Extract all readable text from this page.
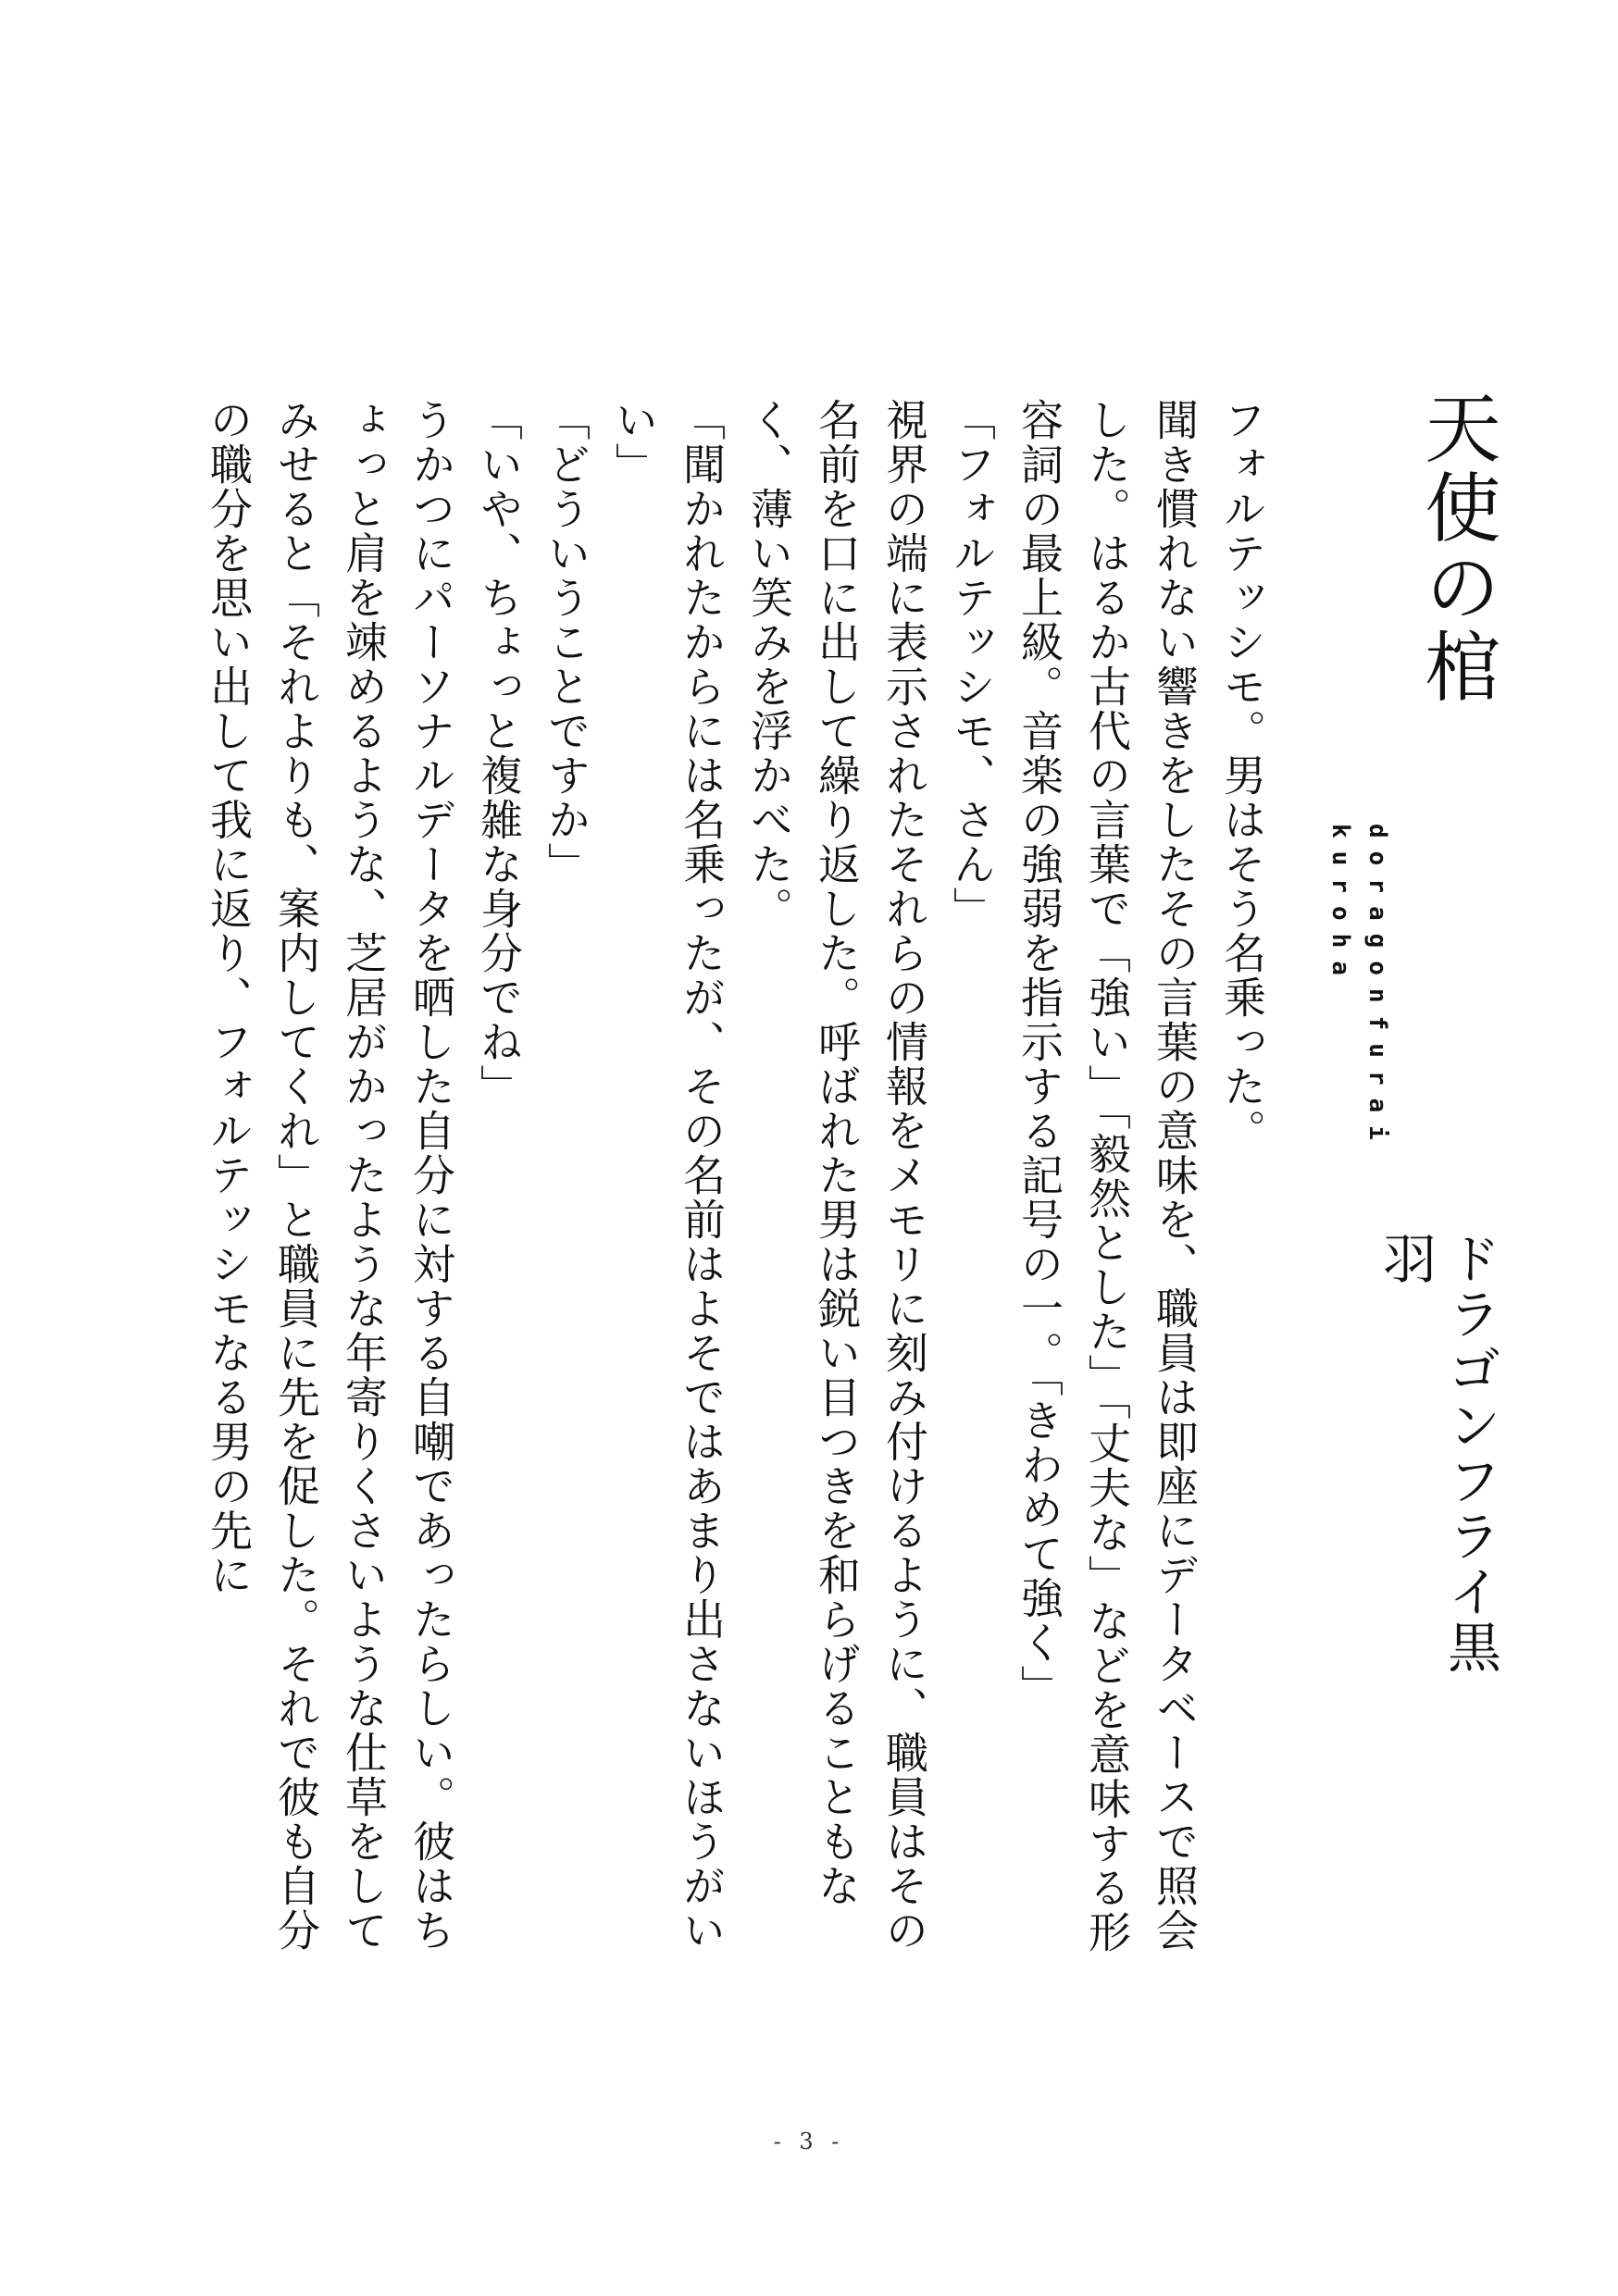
天使の棺
doragonfurai kuroha
ドラゴンフライ黒羽

フォルテッシモ。男はそう名乗った。

聞き慣れない響きをしたその言葉の意味を、職員は即座にデータベースで照会した。はるか古代の言葉で「強い」「毅然とした」「丈夫な」などを意味する形容詞の最上級。音楽の強弱を指示する記号の一。「きわめて強く」

「フォルテッシモ、さん」

視界の端に表示されたそれらの情報をメモリに刻み付けるように、職員はその名前を口に出して繰り返した。呼ばれた男は鋭い目つきを和らげることもなく、薄い笑みを浮かべた。

「聞かれたからには名乗ったが、その名前はよそではあまり出さないほうがいい」

「どういうことですか」

「いや、ちょっと複雑な身分でね」

うかつにパーソナルデータを晒した自分に対する自嘲であったらしい。彼はちょっと肩を竦めるような、芝居がかったような年寄りくさいような仕草をしてみせると「それよりも、案内してくれ」と職員に先を促した。それで彼も自分の職分を思い出して我に返り、フォルテッシモなる男の先に

- 3 -
